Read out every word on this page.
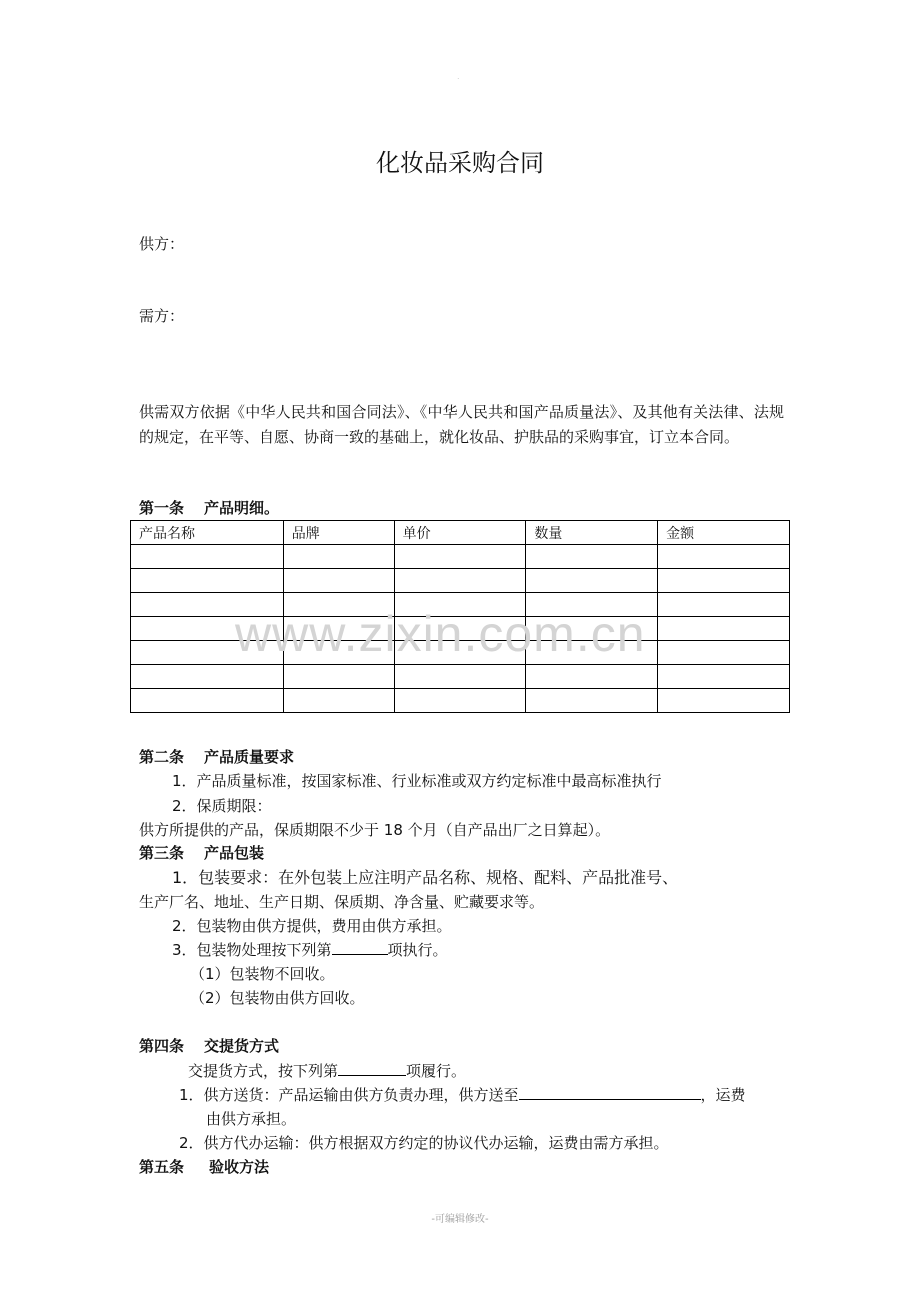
.
化妆品采购合同
供方：
需方：
供需双方依据《中华人民共和国合同法》、《中华人民共和国产品质量法》、及其他有关法律、法规的规定，在平等、自愿、协商一致的基础上，就化妆品、护肤品的采购事宜，订立本合同。
第一条 产品明细。
产品名称	品牌	单价	数量	金额

www.zixin.com.cn
第二条 产品质量要求
1．产品质量标准，按国家标准、行业标准或双方约定标准中最高标准执行
2．保质期限：
供方所提供的产品，保质期限不少于 18 个月（自产品出厂之日算起）。
第三条 产品包装
1．包装要求：在外包装上应注明产品名称、规格、配料、产品批准号、
生产厂名、地址、生产日期、保质期、净含量、贮藏要求等。
2．包装物由供方提供，费用由供方承担。
3．包装物处理按下列第	项执行。
（1）包装物不回收。
（2）包装物由供方回收。
第四条 交提货方式
交提货方式，按下列第	项履行。
1．供方送货：产品运输由供方负责办理，供方送至	，运费
由供方承担。
2．供方代办运输：供方根据双方约定的协议代办运输，运费由需方承担。
第五条 验收方法
-可编辑修改-
